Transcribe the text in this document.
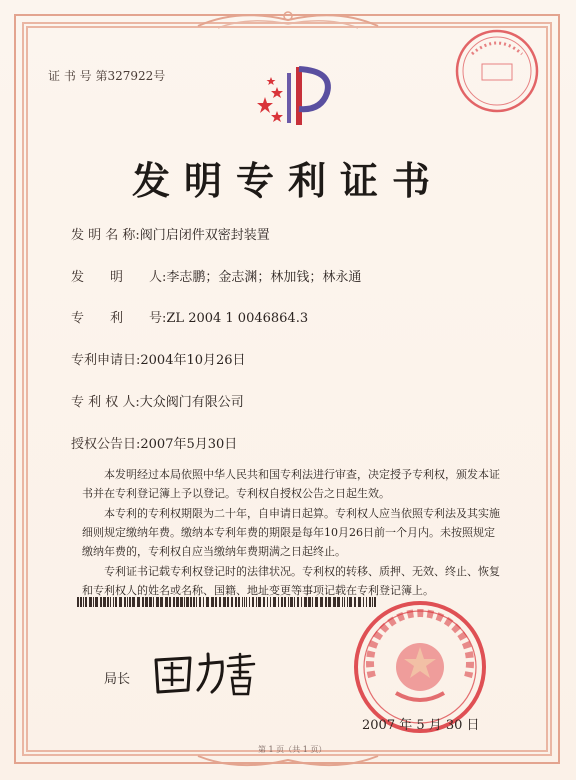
证 书 号 第327922号
发明专利证书
发 明 名 称:阀门启闭件双密封装置
发　　明　　人:李志鹏；金志渊；林加钱；林永通
专　　利　　号:ZL 2004 1 0046864.3
专利申请日:2004年10月26日
专 利 权 人:大众阀门有限公司
授权公告日:2007年5月30日

本发明经过本局依照中华人民共和国专利法进行审查，决定授予专利权，颁发本证书并在专利登记簿上予以登记。专利权自授权公告之日起生效。

本专利的专利权期限为二十年，自申请日起算。专利权人应当依照专利法及其实施细则规定缴纳年费。缴纳本专利年费的期限是每年10月26日前一个月内。未按照规定缴纳年费的，专利权自应当缴纳年费期满之日起终止。

专利证书记载专利权登记时的法律状况。专利权的转移、质押、无效、终止、恢复和专利权人的姓名或名称、国籍、地址变更等事项记载在专利登记簿上。

局长
2007 年 5 月 30 日
第 1 页（共 1 页）
